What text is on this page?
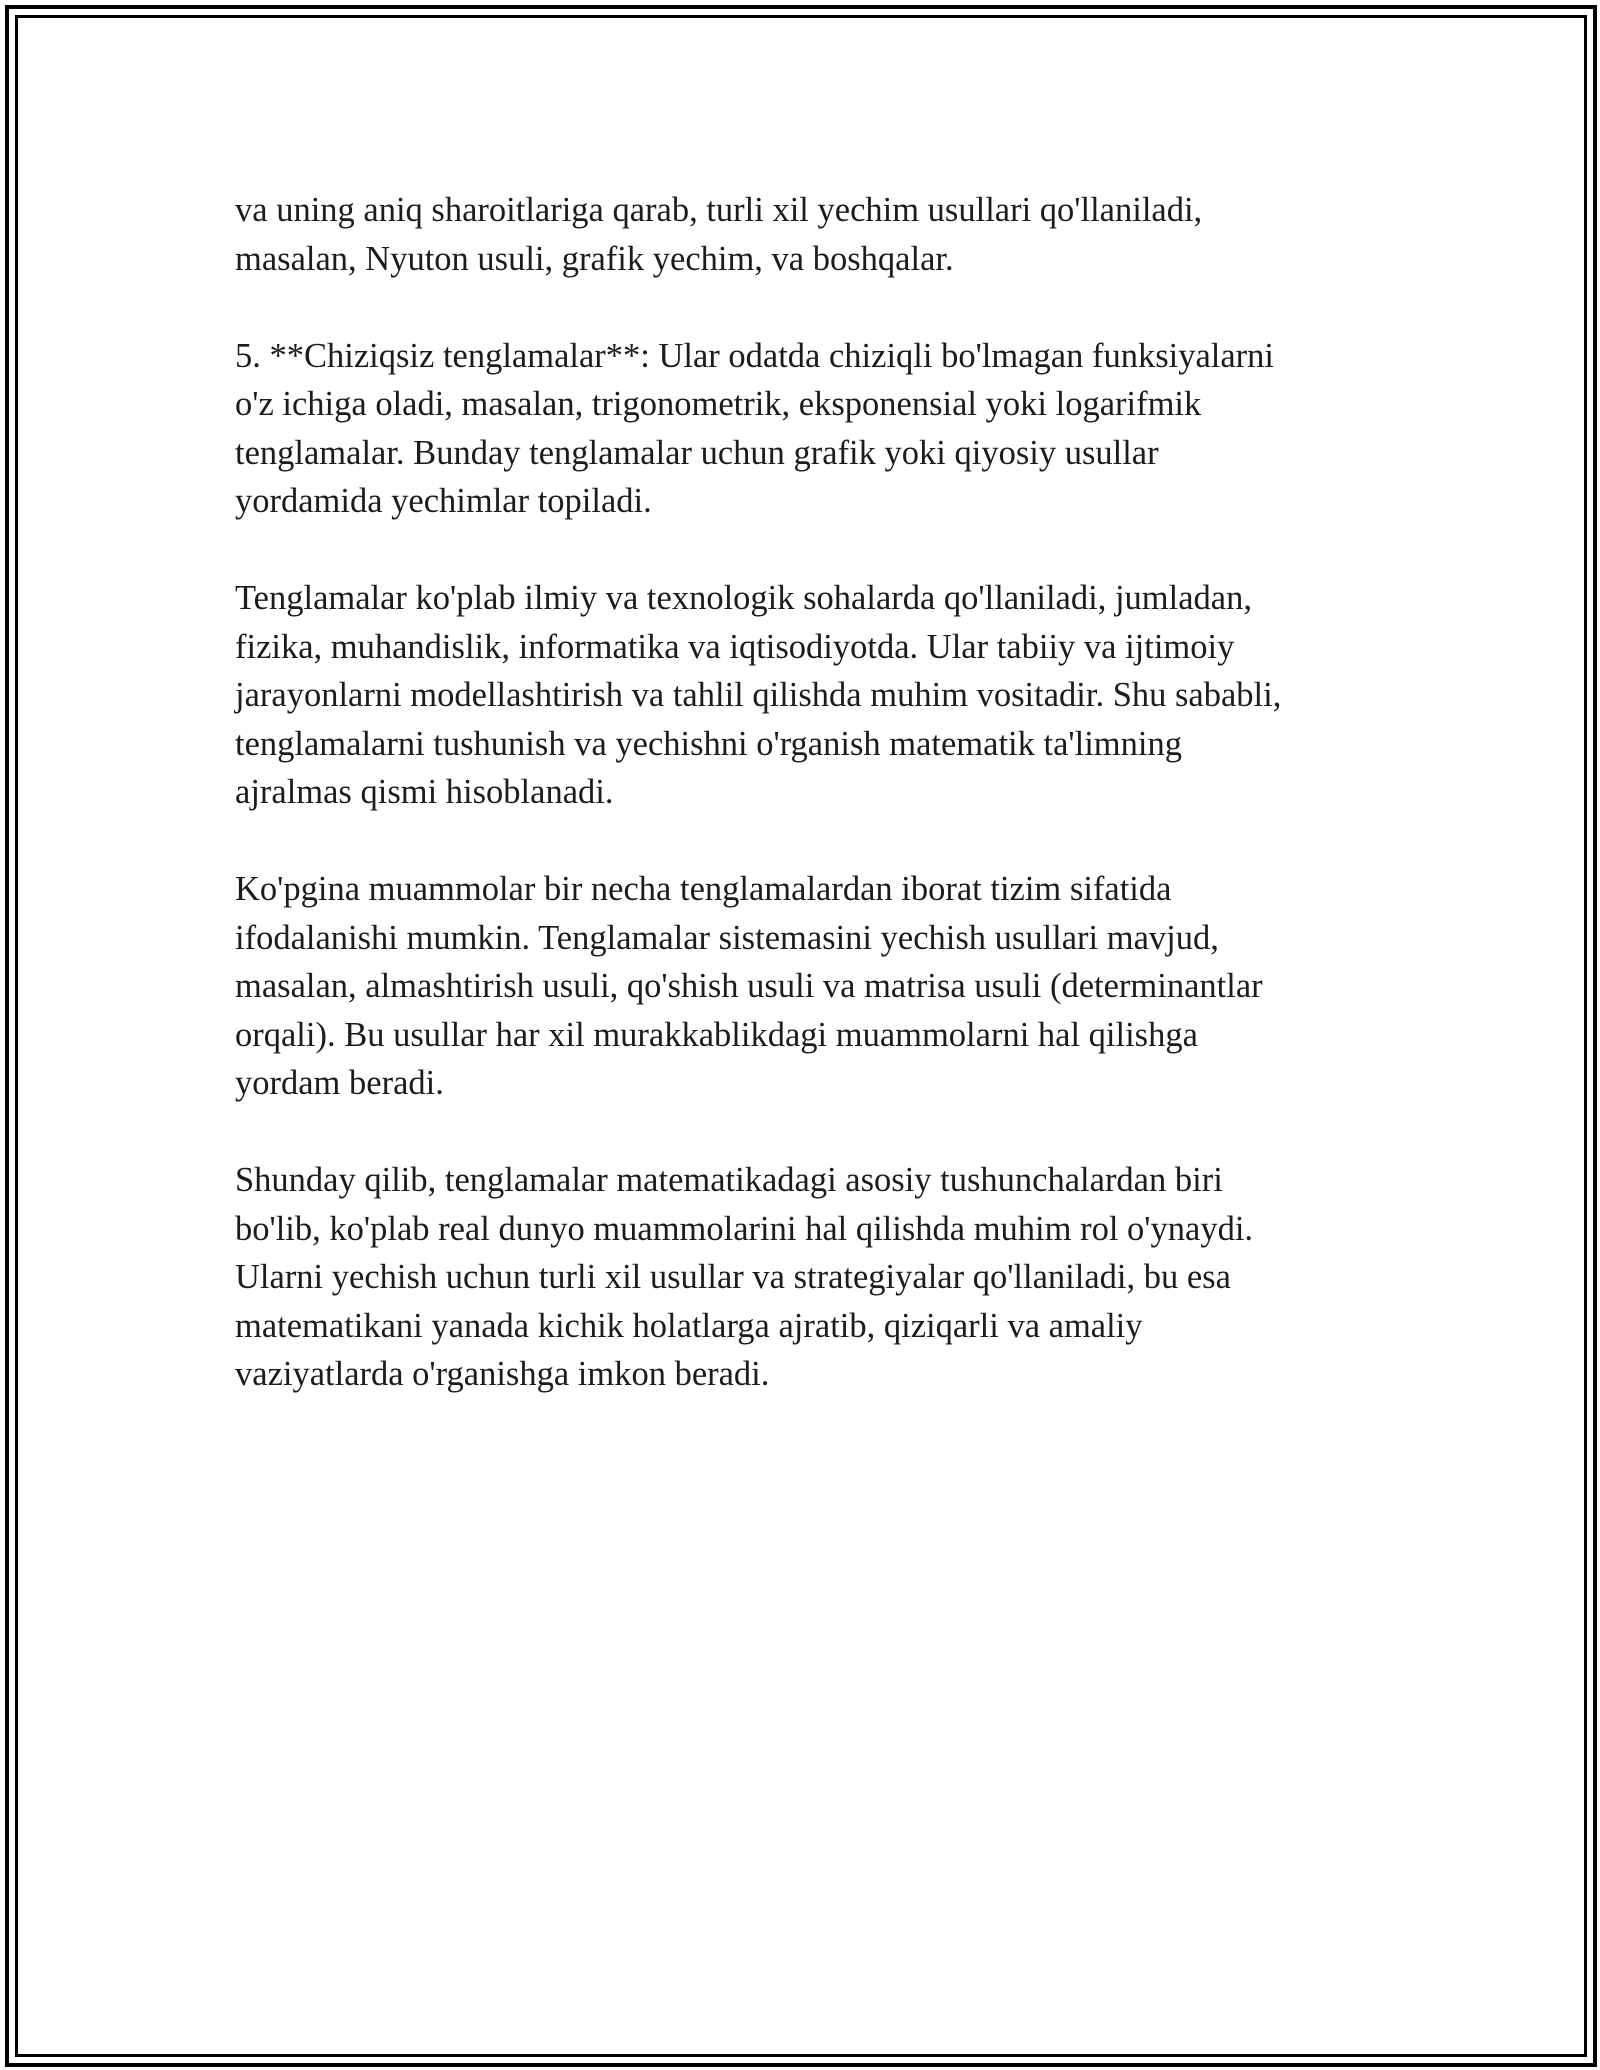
va uning aniq sharoitlariga qarab, turli xil yechim usullari qo'llaniladi,
masalan, Nyuton usuli, grafik yechim, va boshqalar.
5. **Chiziqsiz tenglamalar**: Ular odatda chiziqli bo'lmagan funksiyalarni
o'z ichiga oladi, masalan, trigonometrik, eksponensial yoki logarifmik
tenglamalar. Bunday tenglamalar uchun grafik yoki qiyosiy usullar
yordamida yechimlar topiladi.
Tenglamalar ko'plab ilmiy va texnologik sohalarda qo'llaniladi, jumladan,
fizika, muhandislik, informatika va iqtisodiyotda. Ular tabiiy va ijtimoiy
jarayonlarni modellashtirish va tahlil qilishda muhim vositadir. Shu sababli,
tenglamalarni tushunish va yechishni o'rganish matematik ta'limning
ajralmas qismi hisoblanadi.
Ko'pgina muammolar bir necha tenglamalardan iborat tizim sifatida
ifodalanishi mumkin. Tenglamalar sistemasini yechish usullari mavjud,
masalan, almashtirish usuli, qo'shish usuli va matrisa usuli (determinantlar
orqali). Bu usullar har xil murakkablikdagi muammolarni hal qilishga
yordam beradi.
Shunday qilib, tenglamalar matematikadagi asosiy tushunchalardan biri
bo'lib, ko'plab real dunyo muammolarini hal qilishda muhim rol o'ynaydi.
Ularni yechish uchun turli xil usullar va strategiyalar qo'llaniladi, bu esa
matematikani yanada kichik holatlarga ajratib, qiziqarli va amaliy
vaziyatlarda o'rganishga imkon beradi.
